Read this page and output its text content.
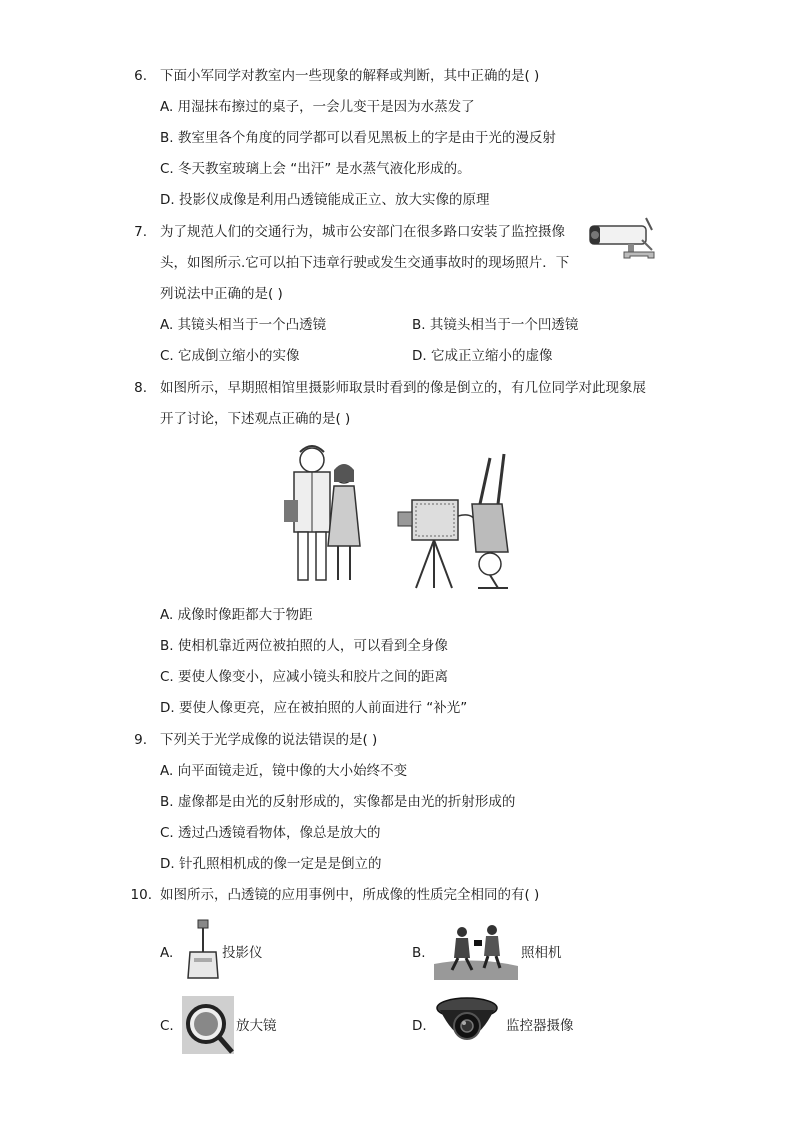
6. 下面小军同学对教室内一些现象的解释或判断，其中正确的是( )
A. 用湿抹布擦过的桌子，一会儿变干是因为水蒸发了
B. 教室里各个角度的同学都可以看见黑板上的字是由于光的漫反射
C. 冬天教室玻璃上会 “出汗” 是水蒸气液化形成的。
D. 投影仪成像是利用凸透镜能成正立、放大实像的原理
7. 为了规范人们的交通行为，城市公安部门在很多路口安装了监控摄像
头，如图所示.它可以拍下违章行驶或发生交通事故时的现场照片．下
列说法中正确的是( )
A. 其镜头相当于一个凸透镜	B. 其镜头相当于一个凹透镜
C. 它成倒立缩小的实像	D. 它成正立缩小的虚像
8. 如图所示，早期照相馆里摄影师取景时看到的像是倒立的，有几位同学对此现象展
开了讨论，下述观点正确的是( )
A. 成像时像距都大于物距
B. 使相机靠近两位被拍照的人，可以看到全身像
C. 要使人像变小，应减小镜头和胶片之间的距离
D. 要使人像更亮，应在被拍照的人前面进行 “补光”
9. 下列关于光学成像的说法错误的是( )
A. 向平面镜走近，镜中像的大小始终不变
B. 虚像都是由光的反射形成的，实像都是由光的折射形成的
C. 透过凸透镜看物体，像总是放大的
D. 针孔照相机成的像一定是是倒立的
10. 如图所示，凸透镜的应用事例中，所成像的性质完全相同的有( )
A.	投影仪	B.	照相机
C.	放大镜	D.	监控器摄像
